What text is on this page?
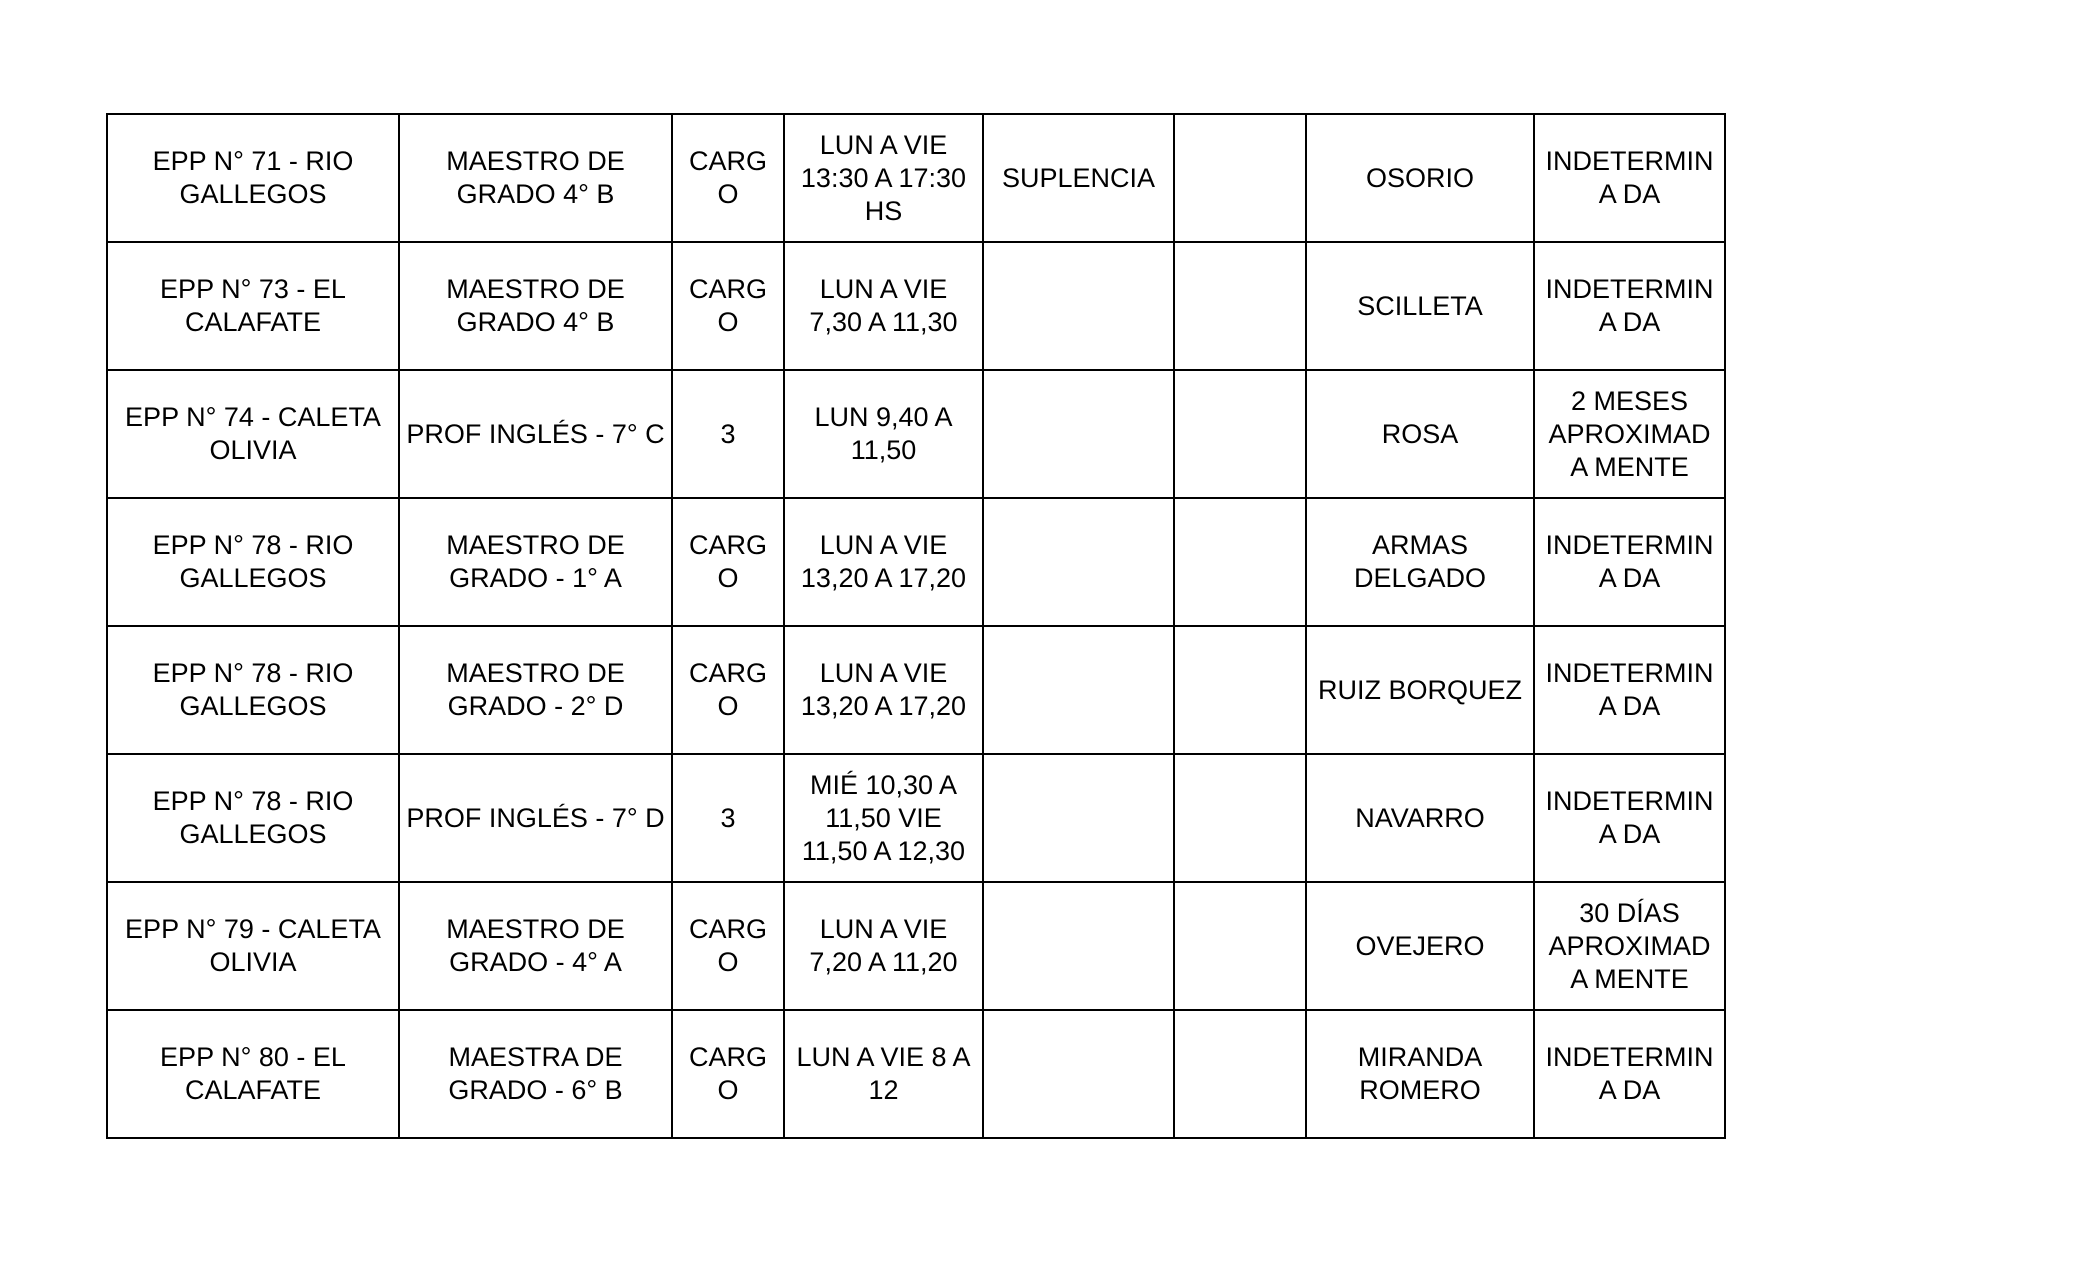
EPP N° 71 - RIO GALLEGOS	MAESTRO DE GRADO 4° B	CARGO	LUN A VIE 13:30 A 17:30 HS	SUPLENCIA		OSORIO	INDETERMINA DA
EPP N° 73 - EL CALAFATE	MAESTRO DE GRADO 4° B	CARGO	LUN A VIE 7,30 A 11,30			SCILLETA	INDETERMINA DA
EPP N° 74 - CALETA OLIVIA	PROF INGLÉS - 7° C	3	LUN 9,40 A 11,50			ROSA	2 MESES APROXIMADA MENTE
EPP N° 78 - RIO GALLEGOS	MAESTRO DE GRADO - 1° A	CARGO	LUN A VIE 13,20 A 17,20			ARMAS DELGADO	INDETERMINA DA
EPP N° 78 - RIO GALLEGOS	MAESTRO DE GRADO - 2° D	CARGO	LUN A VIE 13,20 A 17,20			RUIZ BORQUEZ	INDETERMINA DA
EPP N° 78 - RIO GALLEGOS	PROF INGLÉS - 7° D	3	MIÉ 10,30 A 11,50 VIE 11,50 A 12,30			NAVARRO	INDETERMINA DA
EPP N° 79 - CALETA OLIVIA	MAESTRO DE GRADO - 4° A	CARGO	LUN A VIE 7,20 A 11,20			OVEJERO	30 DÍAS APROXIMADA MENTE
EPP N° 80 - EL CALAFATE	MAESTRA DE GRADO - 6° B	CARGO	LUN A VIE 8 A 12			MIRANDA ROMERO	INDETERMINA DA
